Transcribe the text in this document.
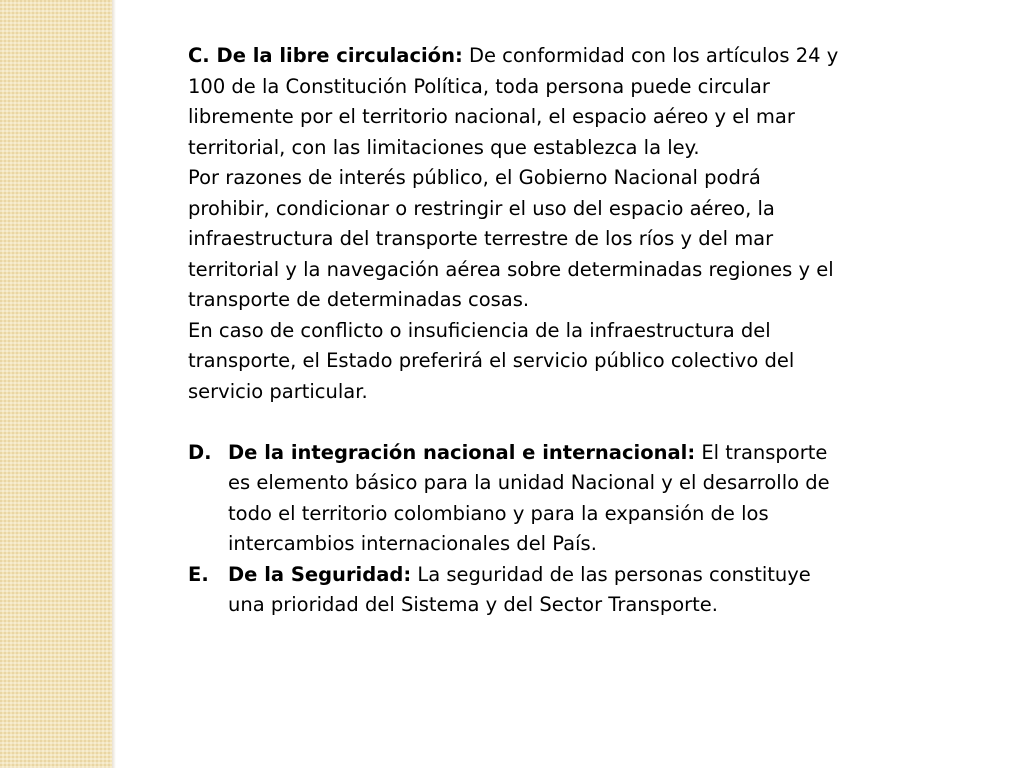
C. De la libre circulación: De conformidad con los artículos 24 y 100 de la Constitución Política, toda persona puede circular libremente por el territorio nacional, el espacio aéreo y el mar territorial, con las limitaciones que establezca la ley.

Por razones de interés público, el Gobierno Nacional podrá prohibir, condicionar o restringir el uso del espacio aéreo, la infraestructura del transporte terrestre de los ríos y del mar territorial y la navegación aérea sobre determinadas regiones y el transporte de determinadas cosas.

En caso de conflicto o insuficiencia de la infraestructura del transporte, el Estado preferirá el servicio público colectivo del servicio particular.

D. De la integración nacional e internacional: El transporte es elemento básico para la unidad Nacional y el desarrollo de todo el territorio colombiano y para la expansión de los intercambios internacionales del País.
E. De la Seguridad: La seguridad de las personas constituye una prioridad del Sistema y del Sector Transporte.
